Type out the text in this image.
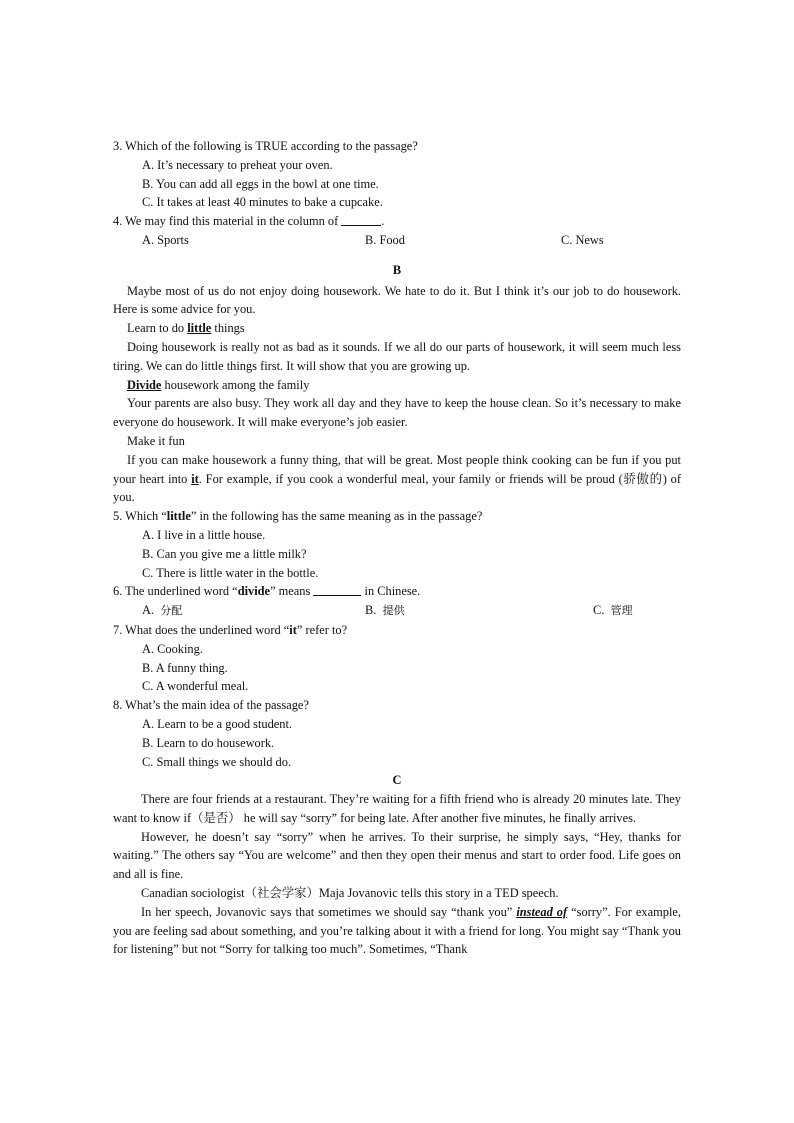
3. Which of the following is TRUE according to the passage?
A. It’s necessary to preheat your oven.
B. You can add all eggs in the bowl at one time.
C. It takes at least 40 minutes to bake a cupcake.
4. We may find this material in the column of	.
A. Sports	B. Food	C. News
B

Maybe most of us do not enjoy doing housework. We hate to do it. But I think it’s our job to do housework. Here is some advice for you.

Learn to do little things

Doing housework is really not as bad as it sounds. If we all do our parts of housework, it will seem much less tiring. We can do little things first. It will show that you are growing up.

Divide housework among the family

Your parents are also busy. They work all day and they have to keep the house clean. So it’s necessary to make everyone do housework. It will make everyone’s job easier.

Make it fun

If you can make housework a funny thing, that will be great. Most people think cooking can be fun if you put your heart into it. For example, if you cook a wonderful meal, your family or friends will be proud (骄傲的) of you.

5. Which “little” in the following has the same meaning as in the passage?
A. I live in a little house.
B. Can you give me a little milk?
C. There is little water in the bottle.
6. The underlined word “divide” means	in Chinese.
A. 分配	B. 提供	C. 管理
7. What does the underlined word “it” refer to?
A. Cooking.
B. A funny thing.
C. A wonderful meal.
8. What’s the main idea of the passage?
A. Learn to be a good student.
B. Learn to do housework.
C. Small things we should do.
C

There are four friends at a restaurant. They’re waiting for a fifth friend who is already 20 minutes late. They want to know if（是否） he will say “sorry” for being late. After another five minutes, he finally arrives.

However, he doesn’t say “sorry” when he arrives. To their surprise, he simply says, “Hey, thanks for waiting.” The others say “You are welcome” and then they open their menus and start to order food. Life goes on and all is fine.

Canadian sociologist（社会学家）Maja Jovanovic tells this story in a TED speech.

In her speech, Jovanovic says that sometimes we should say “thank you” instead of “sorry”. For example, you are feeling sad about something, and you’re talking about it with a friend for long. You might say “Thank you for listening” but not “Sorry for talking too much”. Sometimes, “Thank
